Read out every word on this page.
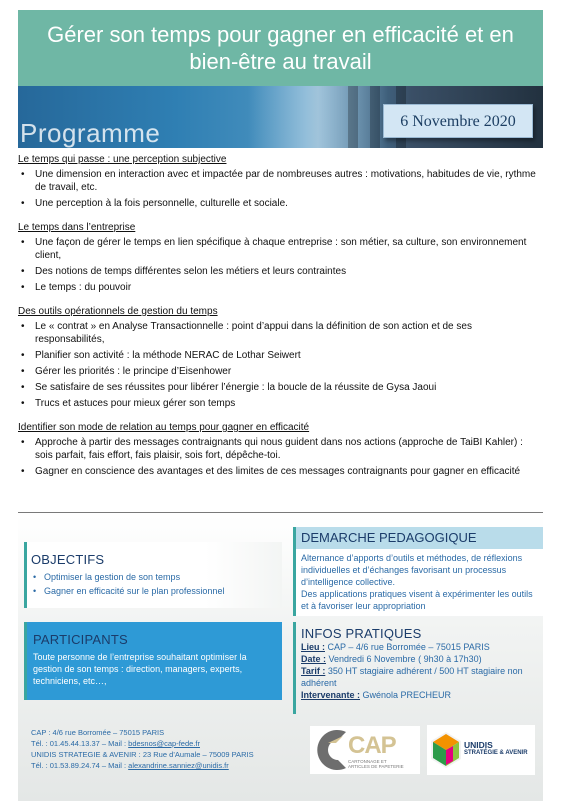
Gérer son temps pour gagner en efficacité et en
bien-être au travail
Programme	6 Novembre 2020
Le temps qui passe : une perception subjective
• Une dimension en interaction avec et impactée par de nombreuses autres : motivations, habitudes de vie, rythme de travail, etc.
• Une perception à la fois personnelle, culturelle et sociale.
Le temps dans l’entreprise
• Une façon de gérer le temps en lien spécifique à chaque entreprise : son métier, sa culture, son environnement client,
• Des notions de temps différentes selon les métiers et leurs contraintes
• Le temps : du pouvoir
Des outils opérationnels de gestion du temps
• Le « contrat » en Analyse Transactionnelle : point d’appui dans la définition de son action et de ses responsabilités,
• Planifier son activité : la méthode NERAC de Lothar Seiwert
• Gérer les priorités : le principe d’Eisenhower
• Se satisfaire de ses réussites pour libérer l’énergie : la boucle de la réussite de Gysa Jaoui
• Trucs et astuces pour mieux gérer son temps
Identifier son mode de relation au temps pour gagner en efficacité
• Approche à partir des messages contraignants qui nous guident dans nos actions (approche de TaiBI Kahler) : sois parfait, fais effort, fais plaisir, sois fort, dépêche-toi.
• Gagner en conscience des avantages et des limites de ces messages contraignants pour gagner en efficacité
OBJECTIFS
• Optimiser la gestion de son temps
• Gagner en efficacité sur le plan professionnel
PARTICIPANTS
Toute personne de l’entreprise souhaitant optimiser la gestion de son temps : direction, managers, experts, techniciens, etc…,
DEMARCHE PEDAGOGIQUE
Alternance d’apports d’outils et méthodes, de réflexions individuelles et d’échanges favorisant un processus d’intelligence collective.
Des applications pratiques visent à expérimenter les outils et à favoriser leur appropriation
INFOS PRATIQUES
Lieu : CAP – 4/6 rue Borromée – 75015 PARIS
Date : Vendredi 6 Novembre ( 9h30 à 17h30)
Tarif : 350 HT stagiaire adhérent / 500 HT stagiaire non adhérent
Intervenante : Gwénola PRECHEUR
CAP : 4/6 rue Borromée – 75015 PARIS
Tél. : 01.45.44.13.37 – Mail : bdesnos@cap-fede.fr
UNIDIS STRATEGIE & AVENIR : 23 Rue d’Aumale – 75009 PARIS
Tél. : 01.53.89.24.74 – Mail : alexandrine.sanniez@unidis.fr
CAP
CARTONNAGE ET ARTICLES DE PAPETERIE
UNIDIS
STRATÉGIE & AVENIR
